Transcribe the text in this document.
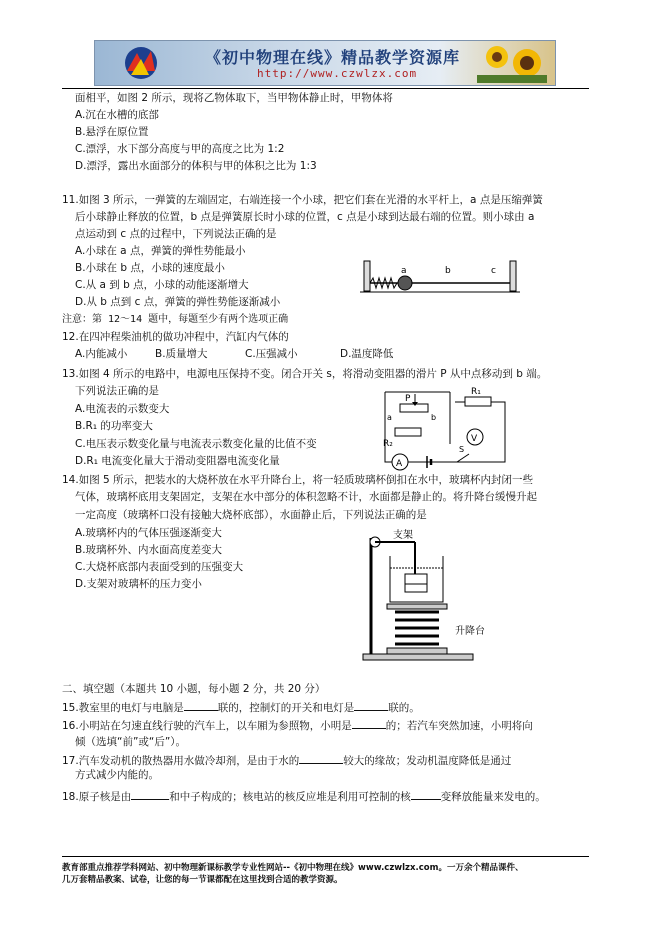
《初中物理在线》精品教学资源库
http://www.czwlzx.com
面相平，如图 2 所示，现将乙物体取下，当甲物体静止时，甲物体将
A.沉在水槽的底部
B.悬浮在原位置
C.漂浮，水下部分高度与甲的高度之比为 1:2
D.漂浮，露出水面部分的体积与甲的体积之比为 1:3
11.如图 3 所示，一弹簧的左端固定，右端连接一个小球，把它们套在光滑的水平杆上，a 点是压缩弹簧
后小球静止释放的位置，b 点是弹簧原长时小球的位置，c 点是小球到达最右端的位置。则小球由 a
点运动到 c 点的过程中，下列说法正确的是
A.小球在 a 点，弹簧的弹性势能最小
B.小球在 b 点，小球的速度最小
C.从 a 到 b 点，小球的动能逐渐增大
D.从 b 点到 c 点，弹簧的弹性势能逐渐减小
a	b	c
注意：第 12～14 题中，每题至少有两个选项正确
12.在四冲程柴油机的做功冲程中，汽缸内气体的
A.内能减小	B.质量增大	C.压强减小	D.温度降低
13.如图 4 所示的电路中，电源电压保持不变。闭合开关 s，将滑动变阻器的滑片 P 从中点移动到 b 端。
下列说法正确的是
A.电流表的示数变大
B.R₁ 的功率变大
C.电压表示数变化量与电流表示数变化量的比值不变
D.R₁ 电流变化量大于滑动变阻器电流变化量
P
a	b
R₂
R₁
V
A
S
14.如图 5 所示，把装水的大烧杯放在水平升降台上，将一轻质玻璃杯倒扣在水中，玻璃杯内封闭一些
气体，玻璃杯底用支架固定，支架在水中部分的体积忽略不计，水面都是静止的。将升降台缓慢升起
一定高度（玻璃杯口没有接触大烧杯底部），水面静止后，下列说法正确的是
A.玻璃杯内的气体压强逐渐变大
B.玻璃杯外、内水面高度差变大
C.大烧杯底部内表面受到的压强变大
D.支架对玻璃杯的压力变小
支架
升降台
二、填空题（本题共 10 小题，每小题 2 分，共 20 分）
15.教室里的电灯与电脑是	联的，控制灯的开关和电灯是	联的。
16.小明站在匀速直线行驶的汽车上，以车厢为参照物，小明是	的；若汽车突然加速，小明将向
倾（选填“前”或“后”）。
17.汽车发动机的散热器用水做冷却剂，是由于水的	较大的缘故；发动机温度降低是通过
方式减少内能的。
18.原子核是由	和中子构成的；核电站的核反应堆是利用可控制的核	变释放能量来发电的。
教育部重点推荐学科网站、初中物理新课标教学专业性网站--《初中物理在线》www.czwlzx.com。一万余个精品课件、
几万套精品教案、试卷，让您的每一节课都配在这里找到合适的教学资源。
